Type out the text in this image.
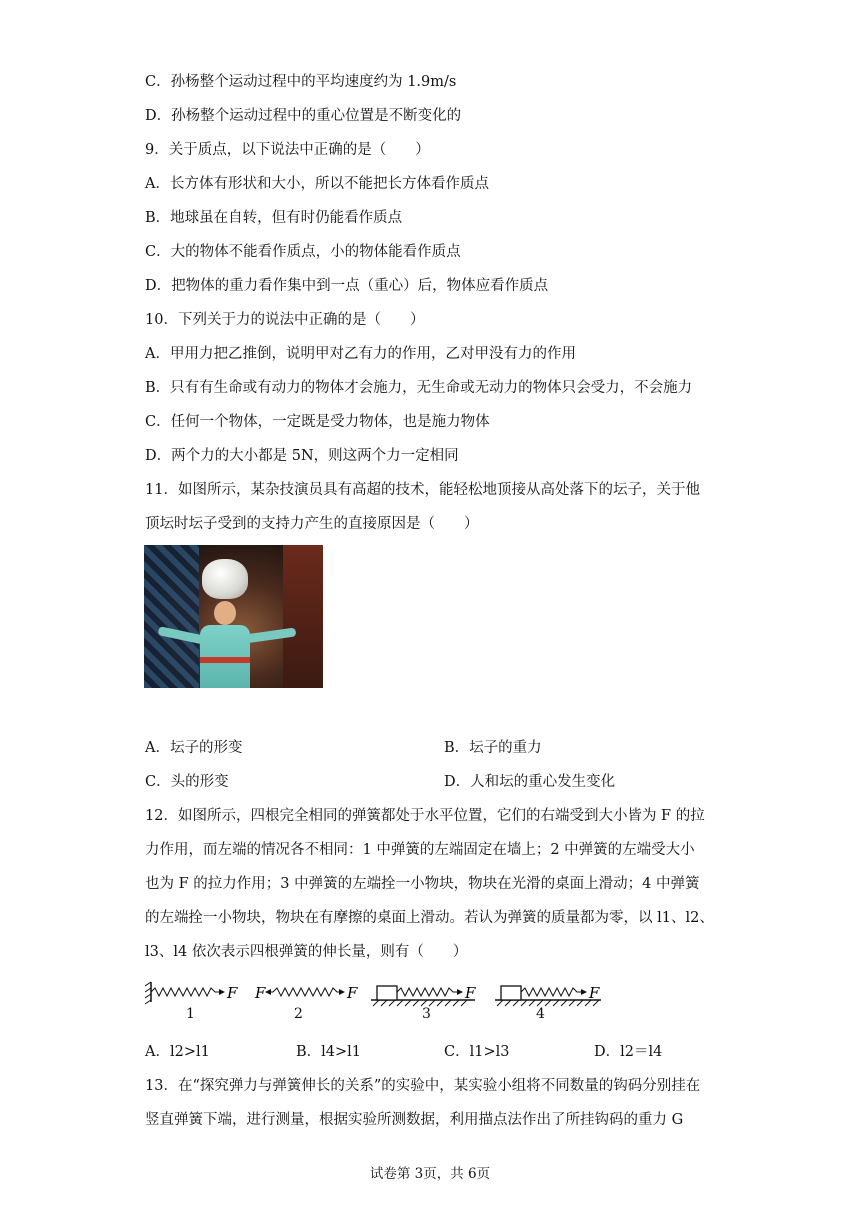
C．孙杨整个运动过程中的平均速度约为 1.9m/s
D．孙杨整个运动过程中的重心位置是不断变化的
9．关于质点，以下说法中正确的是（　　）
A．长方体有形状和大小，所以不能把长方体看作质点
B．地球虽在自转，但有时仍能看作质点
C．大的物体不能看作质点，小的物体能看作质点
D．把物体的重力看作集中到一点（重心）后，物体应看作质点
10．下列关于力的说法中正确的是（　　）
A．甲用力把乙推倒，说明甲对乙有力的作用，乙对甲没有力的作用
B．只有有生命或有动力的物体才会施力，无生命或无动力的物体只会受力，不会施力
C．任何一个物体，一定既是受力物体，也是施力物体
D．两个力的大小都是 5N，则这两个力一定相同
11．如图所示，某杂技演员具有高超的技术，能轻松地顶接从高处落下的坛子，关于他
顶坛时坛子受到的支持力产生的直接原因是（　　）
A．坛子的形变	B．坛子的重力
C．头的形变	D．人和坛的重心发生变化
12．如图所示，四根完全相同的弹簧都处于水平位置，它们的右端受到大小皆为 F 的拉
力作用，而左端的情况各不相同：1 中弹簧的左端固定在墙上；2 中弹簧的左端受大小
也为 F 的拉力作用；3 中弹簧的左端拴一小物块，物块在光滑的桌面上滑动；4 中弹簧
的左端拴一小物块，物块在有摩擦的桌面上滑动。若认为弹簧的质量都为零，以 l1、l2、
l3、l4 依次表示四根弹簧的伸长量，则有（　　）
F F	F	F	F
1	2	3	4
A．l2>l1	B．l4>l1	C．l1>l3	D．l2＝l4
13．在“探究弹力与弹簧伸长的关系”的实验中，某实验小组将不同数量的钩码分别挂在
竖直弹簧下端，进行测量，根据实验所测数据，利用描点法作出了所挂钩码的重力 G
试卷第 3页，共 6页
